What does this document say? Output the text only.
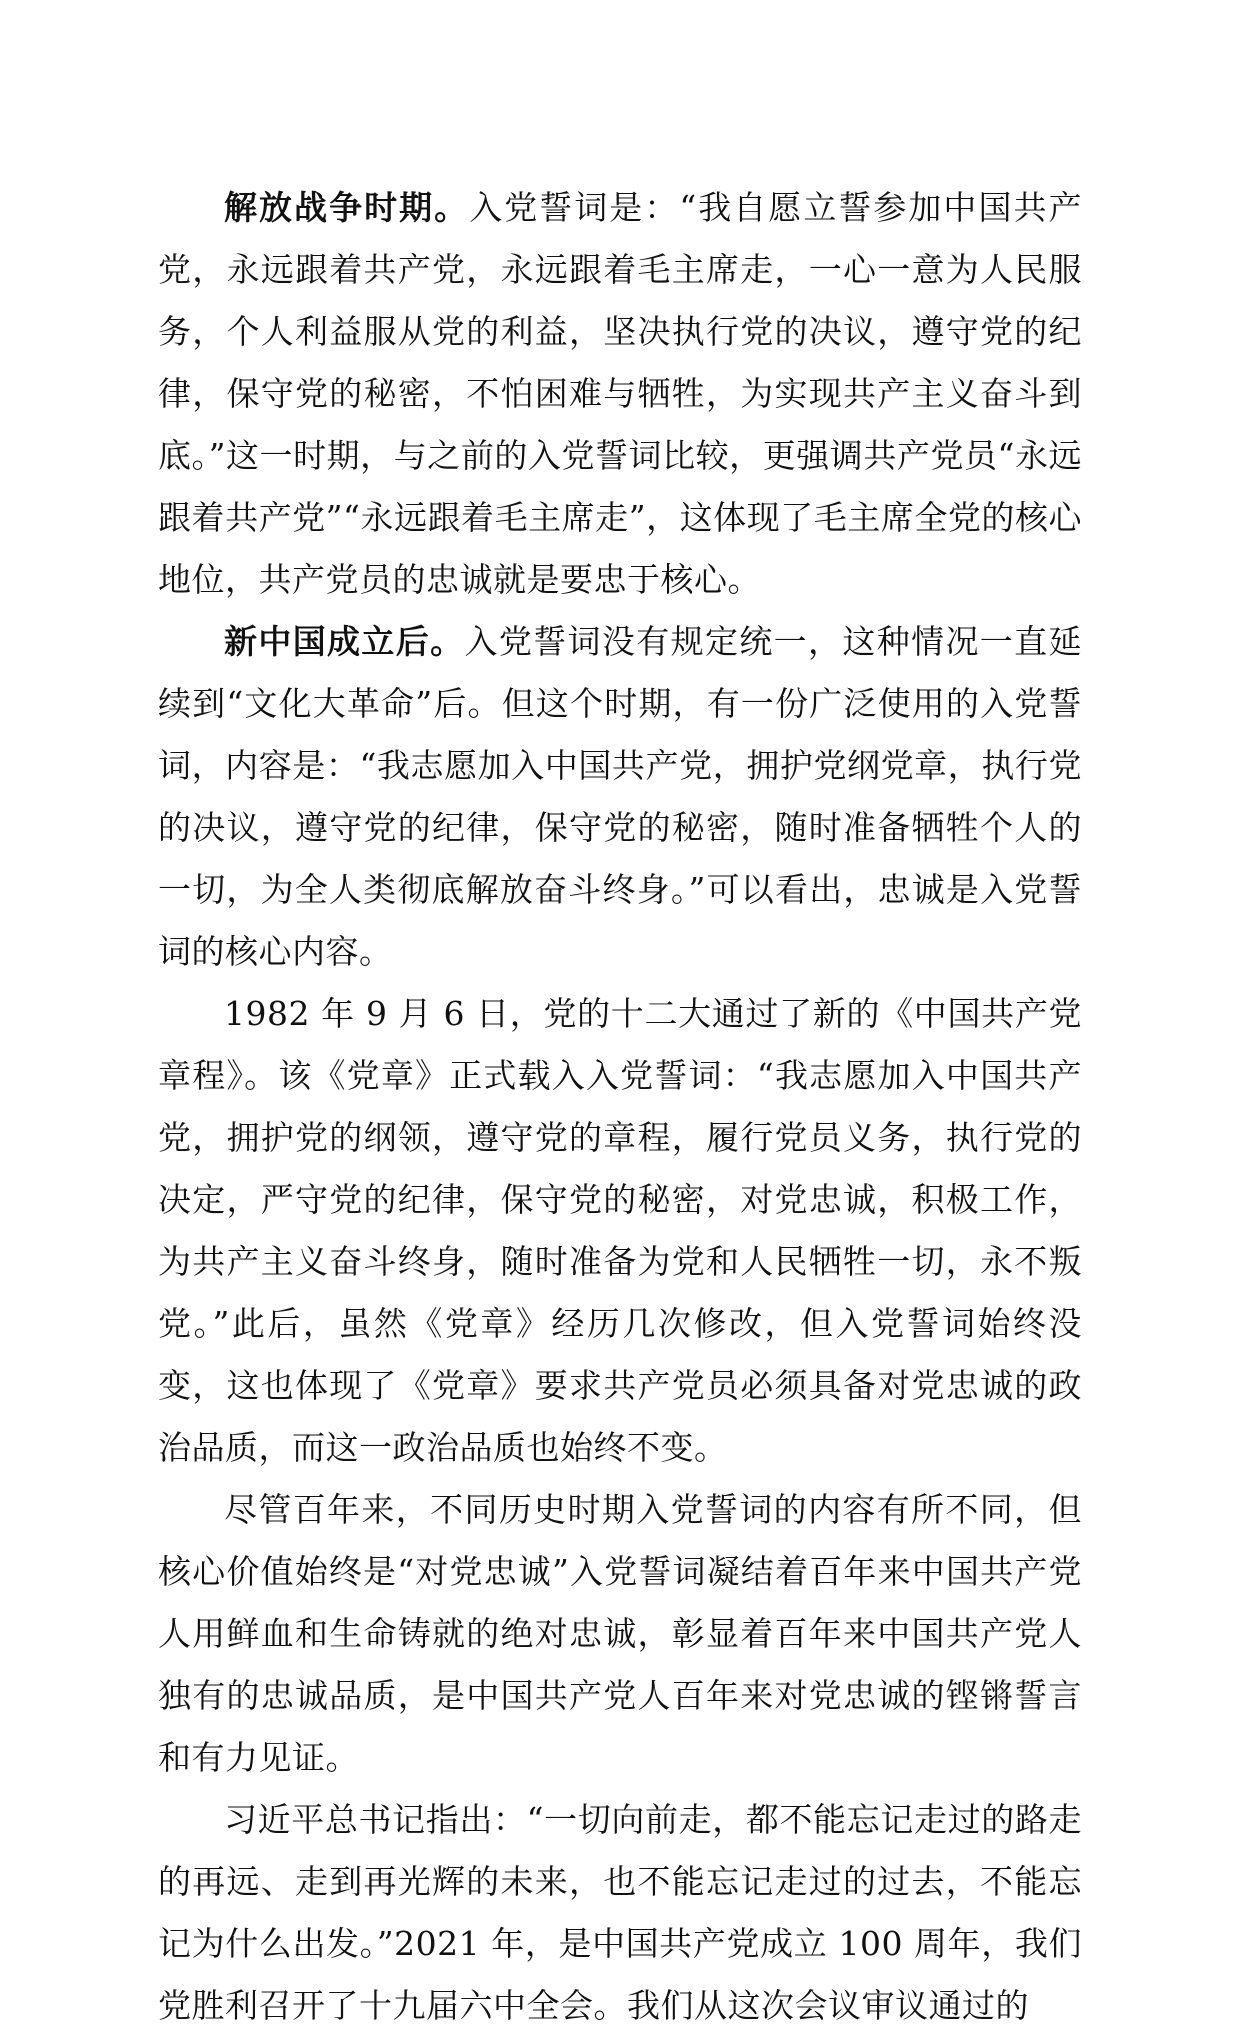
解放战争时期。入党誓词是：“我自愿立誓参加中国共产党，永远跟着共产党，永远跟着毛主席走，一心一意为人民服务，个人利益服从党的利益，坚决执行党的决议，遵守党的纪律，保守党的秘密，不怕困难与牺牲，为实现共产主义奋斗到底。”这一时期，与之前的入党誓词比较，更强调共产党员“永远跟着共产党”“永远跟着毛主席走”，这体现了毛主席全党的核心地位，共产党员的忠诚就是要忠于核心。

新中国成立后。入党誓词没有规定统一，这种情况一直延续到“文化大革命”后。但这个时期，有一份广泛使用的入党誓词，内容是：“我志愿加入中国共产党，拥护党纲党章，执行党的决议，遵守党的纪律，保守党的秘密，随时准备牺牲个人的一切，为全人类彻底解放奋斗终身。”可以看出，忠诚是入党誓词的核心内容。

1982 年 9 月 6 日，党的十二大通过了新的《中国共产党章程》。该《党章》正式载入入党誓词：“我志愿加入中国共产党，拥护党的纲领，遵守党的章程，履行党员义务，执行党的决定，严守党的纪律，保守党的秘密，对党忠诚，积极工作，为共产主义奋斗终身，随时准备为党和人民牺牲一切，永不叛党。”此后，虽然《党章》经历几次修改，但入党誓词始终没变，这也体现了《党章》要求共产党员必须具备对党忠诚的政治品质，而这一政治品质也始终不变。

尽管百年来，不同历史时期入党誓词的内容有所不同，但核心价值始终是“对党忠诚”入党誓词凝结着百年来中国共产党人用鲜血和生命铸就的绝对忠诚，彰显着百年来中国共产党人独有的忠诚品质，是中国共产党人百年来对党忠诚的铿锵誓言和有力见证。

习近平总书记指出：“一切向前走，都不能忘记走过的路走的再远、走到再光辉的未来，也不能忘记走过的过去，不能忘记为什么出发。”2021 年，是中国共产党成立 100 周年，我们党胜利召开了十九届六中全会。我们从这次会议审议通过的
